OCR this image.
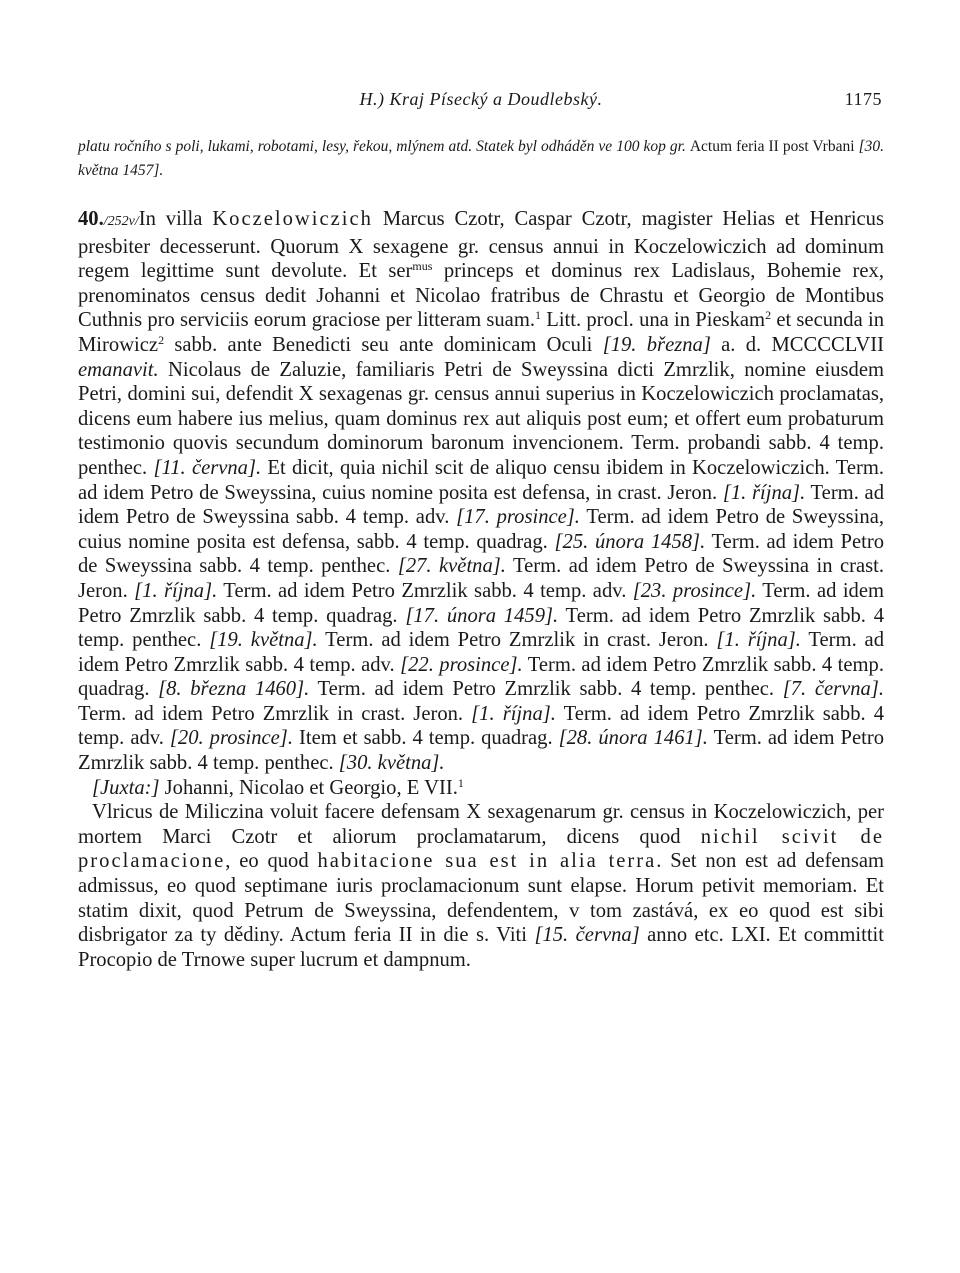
H.) Kraj Písecký a Doudlebský.	1175
platu ročního s poli, lukami, robotami, lesy, řekou, mlýnem atd. Statek byl odháděn ve 100 kop gr. Actum feria II post Vrbani [30. května 1457].

40./252v/In villa Koczelowiczich Marcus Czotr, Caspar Czotr, magister Helias et Henricus presbiter decesserunt. Quorum X sexagene gr. census annui in Koczelowiczich ad dominum regem legittime sunt devolute. Et ser$^{mus}$ princeps et dominus rex Ladislaus, Bohemie rex, prenominatos census dedit Johanni et Nicolao fratribus de Chrastu et Georgio de Montibus Cuthnis pro serviciis eorum graciose per litteram suam.$^1$ Litt. procl. una in Pieskam$^2$ et secunda in Mirowicz$^2$ sabb. ante Benedicti seu ante dominicam Oculi [19. března] a. d. MCCCCLVII emanavit. Nicolaus de Zaluzie, familiaris Petri de Sweyssina dicti Zmrzlik, nomine eiusdem Petri, domini sui, defendit X sexagenas gr. census annui superius in Koczelowiczich proclamatas, dicens eum habere ius melius, quam dominus rex aut aliquis post eum; et offert eum probaturum testimonio quovis secundum dominorum baronum invencionem. Term. probandi sabb. 4 temp. penthec. [11. června]. Et dicit, quia nichil scit de aliquo censu ibidem in Koczelowiczich. Term. ad idem Petro de Sweyssina, cuius nomine posita est defensa, in crast. Jeron. [1. října]. Term. ad idem Petro de Sweyssina sabb. 4 temp. adv. [17. prosince]. Term. ad idem Petro de Sweyssina, cuius nomine posita est defensa, sabb. 4 temp. quadrag. [25. února 1458]. Term. ad idem Petro de Sweyssina sabb. 4 temp. penthec. [27. května]. Term. ad idem Petro de Sweyssina in crast. Jeron. [1. října]. Term. ad idem Petro Zmrzlik sabb. 4 temp. adv. [23. prosince]. Term. ad idem Petro Zmrzlik sabb. 4 temp. quadrag. [17. února 1459]. Term. ad idem Petro Zmrzlik sabb. 4 temp. penthec. [19. května]. Term. ad idem Petro Zmrzlik in crast. Jeron. [1. října]. Term. ad idem Petro Zmrzlik sabb. 4 temp. adv. [22. prosince]. Term. ad idem Petro Zmrzlik sabb. 4 temp. quadrag. [8. března 1460]. Term. ad idem Petro Zmrzlik sabb. 4 temp. penthec. [7. června]. Term. ad idem Petro Zmrzlik in crast. Jeron. [1. října]. Term. ad idem Petro Zmrzlik sabb. 4 temp. adv. [20. prosince]. Item et sabb. 4 temp. quadrag. [28. února 1461]. Term. ad idem Petro Zmrzlik sabb. 4 temp. penthec. [30. května].

[Juxta:] Johanni, Nicolao et Georgio, E VII.$^1$

Vlricus de Miliczina voluit facere defensam X sexagenarum gr. census in Koczelowiczich, per mortem Marci Czotr et aliorum proclamatarum, dicens quod nichil scivit de proclamacione, eo quod habitacione sua est in alia terra. Set non est ad defensam admissus, eo quod septimane iuris proclamacionum sunt elapse. Horum petivit memoriam. Et statim dixit, quod Petrum de Sweyssina, defendentem, v tom zastává, ex eo quod est sibi disbrigator za ty dědiny. Actum feria II in die s. Viti [15. června] anno etc. LXI. Et committit Procopio de Trnowe super lucrum et dampnum.
